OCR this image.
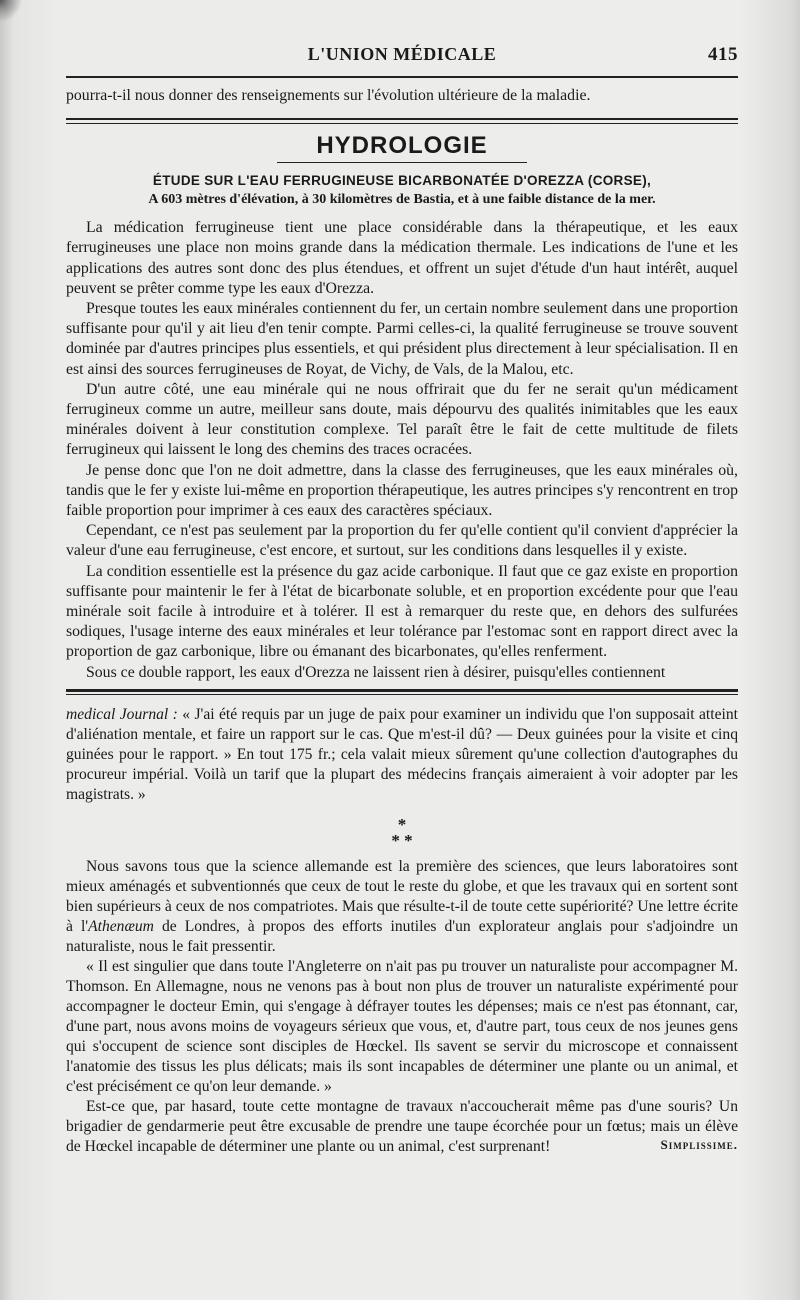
L'UNION MÉDICALE	415

pourra-t-il nous donner des renseignements sur l'évolution ultérieure de la maladie.

HYDROLOGIE
ÉTUDE SUR L'EAU FERRUGINEUSE BICARBONATÉE D'OREZZA (CORSE),
A 603 mètres d'élévation, à 30 kilomètres de Bastia, et à une faible distance de la mer.

La médication ferrugineuse tient une place considérable dans la thérapeutique, et les eaux ferrugineuses une place non moins grande dans la médication thermale. Les indications de l'une et les applications des autres sont donc des plus étendues, et offrent un sujet d'étude d'un haut intérêt, auquel peuvent se prêter comme type les eaux d'Orezza.

Presque toutes les eaux minérales contiennent du fer, un certain nombre seulement dans une proportion suffisante pour qu'il y ait lieu d'en tenir compte. Parmi celles-ci, la qualité ferrugineuse se trouve souvent dominée par d'autres principes plus essentiels, et qui président plus directement à leur spécialisation. Il en est ainsi des sources ferrugineuses de Royat, de Vichy, de Vals, de la Malou, etc.

D'un autre côté, une eau minérale qui ne nous offrirait que du fer ne serait qu'un médicament ferrugineux comme un autre, meilleur sans doute, mais dépourvu des qualités inimitables que les eaux minérales doivent à leur constitution complexe. Tel paraît être le fait de cette multitude de filets ferrugineux qui laissent le long des chemins des traces ocracées.

Je pense donc que l'on ne doit admettre, dans la classe des ferrugineuses, que les eaux minérales où, tandis que le fer y existe lui-même en proportion thérapeutique, les autres principes s'y rencontrent en trop faible proportion pour imprimer à ces eaux des caractères spéciaux.

Cependant, ce n'est pas seulement par la proportion du fer qu'elle contient qu'il convient d'apprécier la valeur d'une eau ferrugineuse, c'est encore, et surtout, sur les conditions dans lesquelles il y existe.

La condition essentielle est la présence du gaz acide carbonique. Il faut que ce gaz existe en proportion suffisante pour maintenir le fer à l'état de bicarbonate soluble, et en proportion excédente pour que l'eau minérale soit facile à introduire et à tolérer. Il est à remarquer du reste que, en dehors des sulfurées sodiques, l'usage interne des eaux minérales et leur tolérance par l'estomac sont en rapport direct avec la proportion de gaz carbonique, libre ou émanant des bicarbonates, qu'elles renferment.

Sous ce double rapport, les eaux d'Orezza ne laissent rien à désirer, puisqu'elles contiennent

medical Journal : « J'ai été requis par un juge de paix pour examiner un individu que l'on supposait atteint d'aliénation mentale, et faire un rapport sur le cas. Que m'est-il dû? — Deux guinées pour la visite et cinq guinées pour le rapport. » En tout 175 fr.; cela valait mieux sûrement qu'une collection d'autographes du procureur impérial. Voilà un tarif que la plupart des médecins français aimeraient à voir adopter par les magistrats. »

*
* *

Nous savons tous que la science allemande est la première des sciences, que leurs laboratoires sont mieux aménagés et subventionnés que ceux de tout le reste du globe, et que les travaux qui en sortent sont bien supérieurs à ceux de nos compatriotes. Mais que résulte-t-il de toute cette supériorité? Une lettre écrite à l'Athenæum de Londres, à propos des efforts inutiles d'un explorateur anglais pour s'adjoindre un naturaliste, nous le fait pressentir.

« Il est singulier que dans toute l'Angleterre on n'ait pas pu trouver un naturaliste pour accompagner M. Thomson. En Allemagne, nous ne venons pas à bout non plus de trouver un naturaliste expérimenté pour accompagner le docteur Emin, qui s'engage à défrayer toutes les dépenses; mais ce n'est pas étonnant, car, d'une part, nous avons moins de voyageurs sérieux que vous, et, d'autre part, tous ceux de nos jeunes gens qui s'occupent de science sont disciples de Hœckel. Ils savent se servir du microscope et connaissent l'anatomie des tissus les plus délicats; mais ils sont incapables de déterminer une plante ou un animal, et c'est précisément ce qu'on leur demande. »

Est-ce que, par hasard, toute cette montagne de travaux n'accoucherait même pas d'une souris? Un brigadier de gendarmerie peut être excusable de prendre une taupe écorchée pour un fœtus; mais un élève de Hœckel incapable de déterminer une plante ou un animal, c'est surprenant!	Simplissime.
